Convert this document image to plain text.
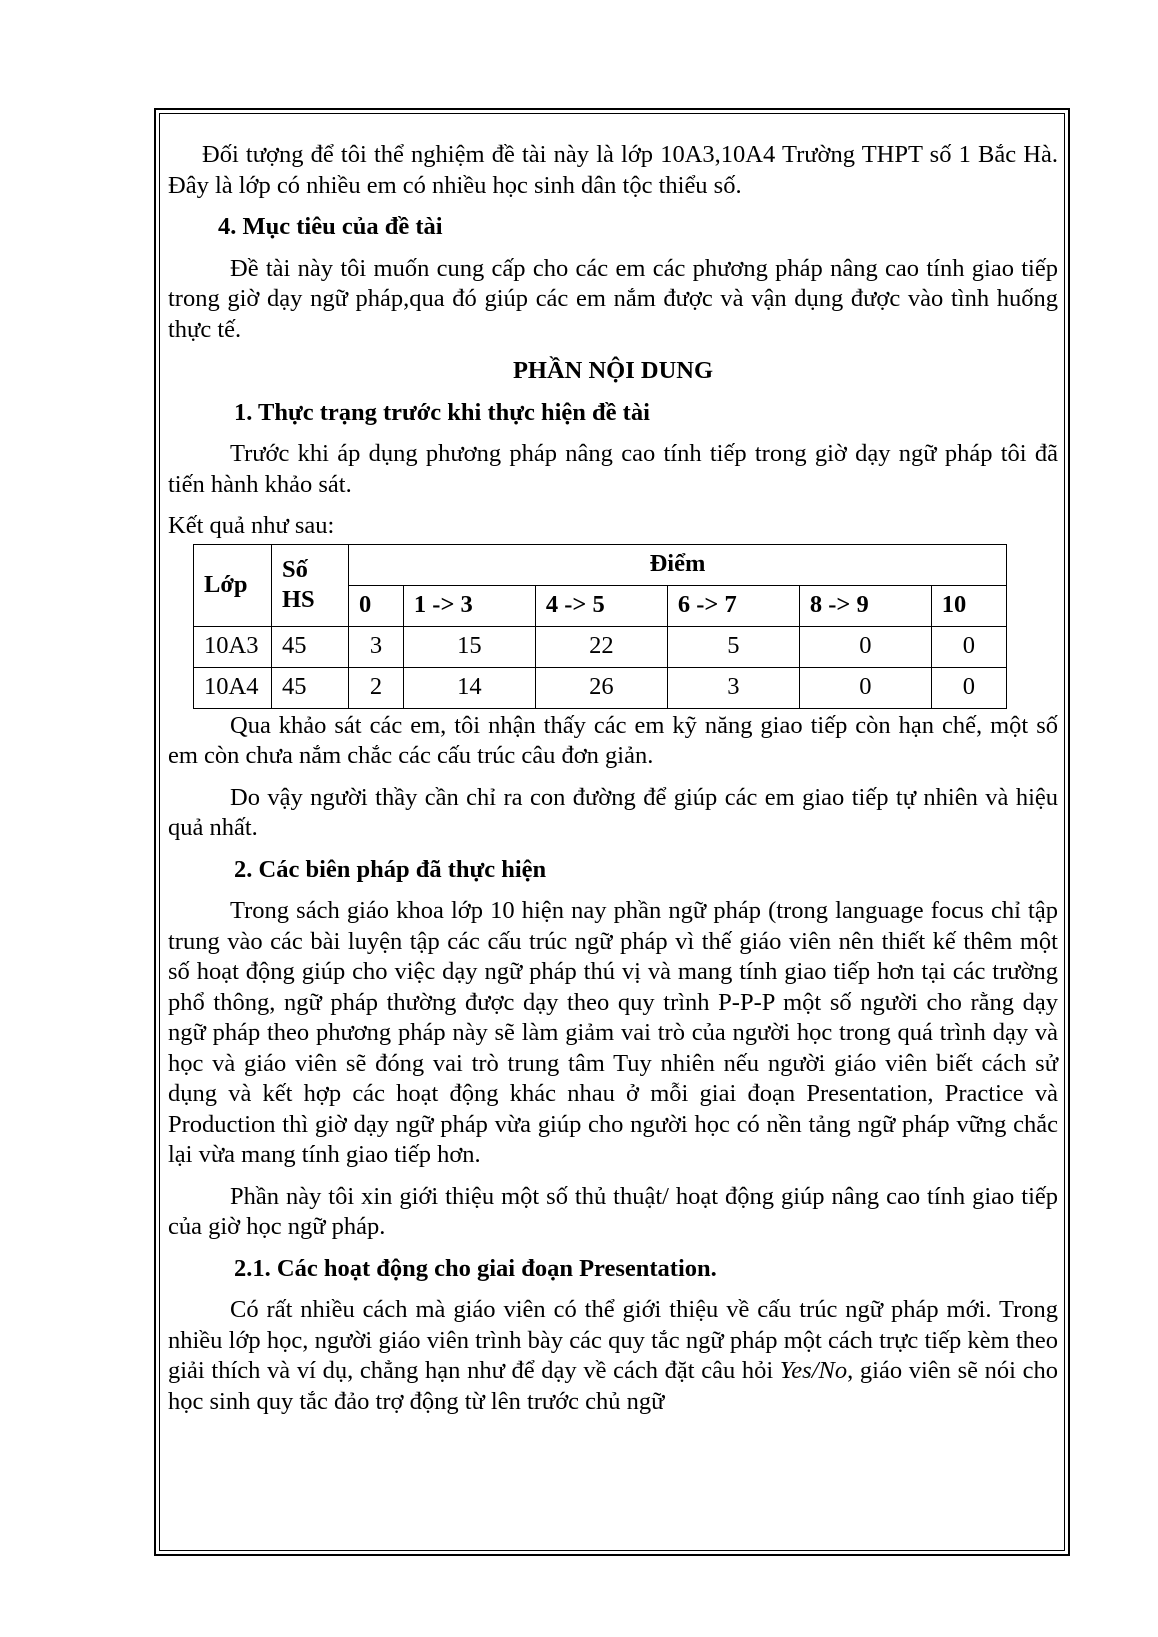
Đối tượng để tôi thể nghiệm đề tài này là lớp 10A3,10A4 Trường THPT số 1 Bắc Hà. Đây là lớp có nhiều em có nhiều học sinh dân tộc thiểu số.

4. Mục tiêu của đề tài

Đề tài này tôi muốn cung cấp cho các em các phương pháp nâng cao tính giao tiếp trong giờ dạy ngữ pháp,qua đó giúp các em nắm được và vận dụng được vào tình huống thực tế.

PHẦN NỘI DUNG

1. Thực trạng trước khi thực hiện đề tài

Trước khi áp dụng phương pháp nâng cao tính tiếp trong giờ dạy ngữ pháp tôi đã tiến hành khảo sát.

Kết quả như sau:

Lớp	Số HS	Điểm					
		0	1 -> 3	4 -> 5	6 -> 7	8 -> 9	10
10A3	45	3	15	22	5	0	0
10A4	45	2	14	26	3	0	0

Qua khảo sát các em, tôi nhận thấy các em kỹ năng giao tiếp còn hạn chế, một số em còn chưa nắm chắc các cấu trúc câu đơn giản.

Do vậy người thầy cần chỉ ra con đường để giúp các em giao tiếp tự nhiên và hiệu quả nhất.

2. Các biên pháp đã thực hiện

Trong sách giáo khoa lớp 10 hiện nay phần ngữ pháp (trong language focus chỉ tập trung vào các bài luyện tập các cấu trúc ngữ pháp vì thế giáo viên nên thiết kế thêm một số hoạt động giúp cho việc dạy ngữ pháp thú vị và mang tính giao tiếp hơn tại các trường phổ thông, ngữ pháp thường được dạy theo quy trình P-P-P một số người cho rằng dạy ngữ pháp theo phương pháp này sẽ làm giảm vai trò của người học trong quá trình dạy và học và giáo viên sẽ đóng vai trò trung tâm Tuy nhiên nếu người giáo viên biết cách sử dụng và kết hợp các hoạt động khác nhau ở mỗi giai đoạn Presentation, Practice và Production thì giờ dạy ngữ pháp vừa giúp cho người học có nền tảng ngữ pháp vững chắc lại vừa mang tính giao tiếp hơn.

Phần này tôi xin giới thiệu một số thủ thuật/ hoạt động giúp nâng cao tính giao tiếp của giờ học ngữ pháp.

2.1. Các hoạt động cho giai đoạn Presentation.

Có rất nhiều cách mà giáo viên có thể giới thiệu về cấu trúc ngữ pháp mới. Trong nhiều lớp học, người giáo viên trình bày các quy tắc ngữ pháp một cách trực tiếp kèm theo giải thích và ví dụ, chẳng hạn như để dạy về cách đặt câu hỏi Yes/No, giáo viên sẽ nói cho học sinh quy tắc đảo trợ động từ lên trước chủ ngữ
